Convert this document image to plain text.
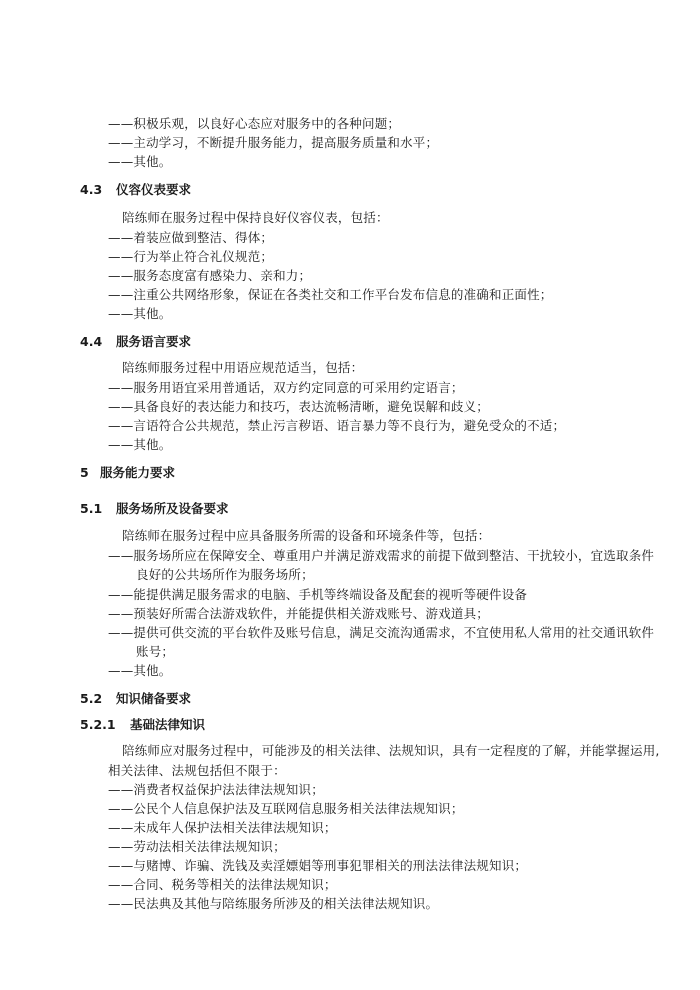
——积极乐观，以良好心态应对服务中的各种问题；
——主动学习，不断提升服务能力，提高服务质量和水平；
——其他。
4.3 仪容仪表要求
陪练师在服务过程中保持良好仪容仪表，包括：
——着装应做到整洁、得体；
——行为举止符合礼仪规范；
——服务态度富有感染力、亲和力；
——注重公共网络形象，保证在各类社交和工作平台发布信息的准确和正面性；
——其他。
4.4 服务语言要求
陪练师服务过程中用语应规范适当，包括：
——服务用语宜采用普通话，双方约定同意的可采用约定语言；
——具备良好的表达能力和技巧，表达流畅清晰，避免误解和歧义；
——言语符合公共规范，禁止污言秽语、语言暴力等不良行为，避免受众的不适；
——其他。
5 服务能力要求
5.1 服务场所及设备要求
陪练师在服务过程中应具备服务所需的设备和环境条件等，包括：
——服务场所应在保障安全、尊重用户并满足游戏需求的前提下做到整洁、干扰较小，宜选取条件
良好的公共场所作为服务场所；
——能提供满足服务需求的电脑、手机等终端设备及配套的视听等硬件设备
——预装好所需合法游戏软件，并能提供相关游戏账号、游戏道具；
——提供可供交流的平台软件及账号信息，满足交流沟通需求，不宜使用私人常用的社交通讯软件
账号；
——其他。
5.2 知识储备要求
5.2.1 基础法律知识
陪练师应对服务过程中，可能涉及的相关法律、法规知识，具有一定程度的了解，并能掌握运用,
相关法律、法规包括但不限于：
——消费者权益保护法法律法规知识；
——公民个人信息保护法及互联网信息服务相关法律法规知识；
——未成年人保护法相关法律法规知识；
——劳动法相关法律法规知识；
——与赌博、诈骗、洗钱及卖淫嫖娼等刑事犯罪相关的刑法法律法规知识；
——合同、税务等相关的法律法规知识；
——民法典及其他与陪练服务所涉及的相关法律法规知识。
